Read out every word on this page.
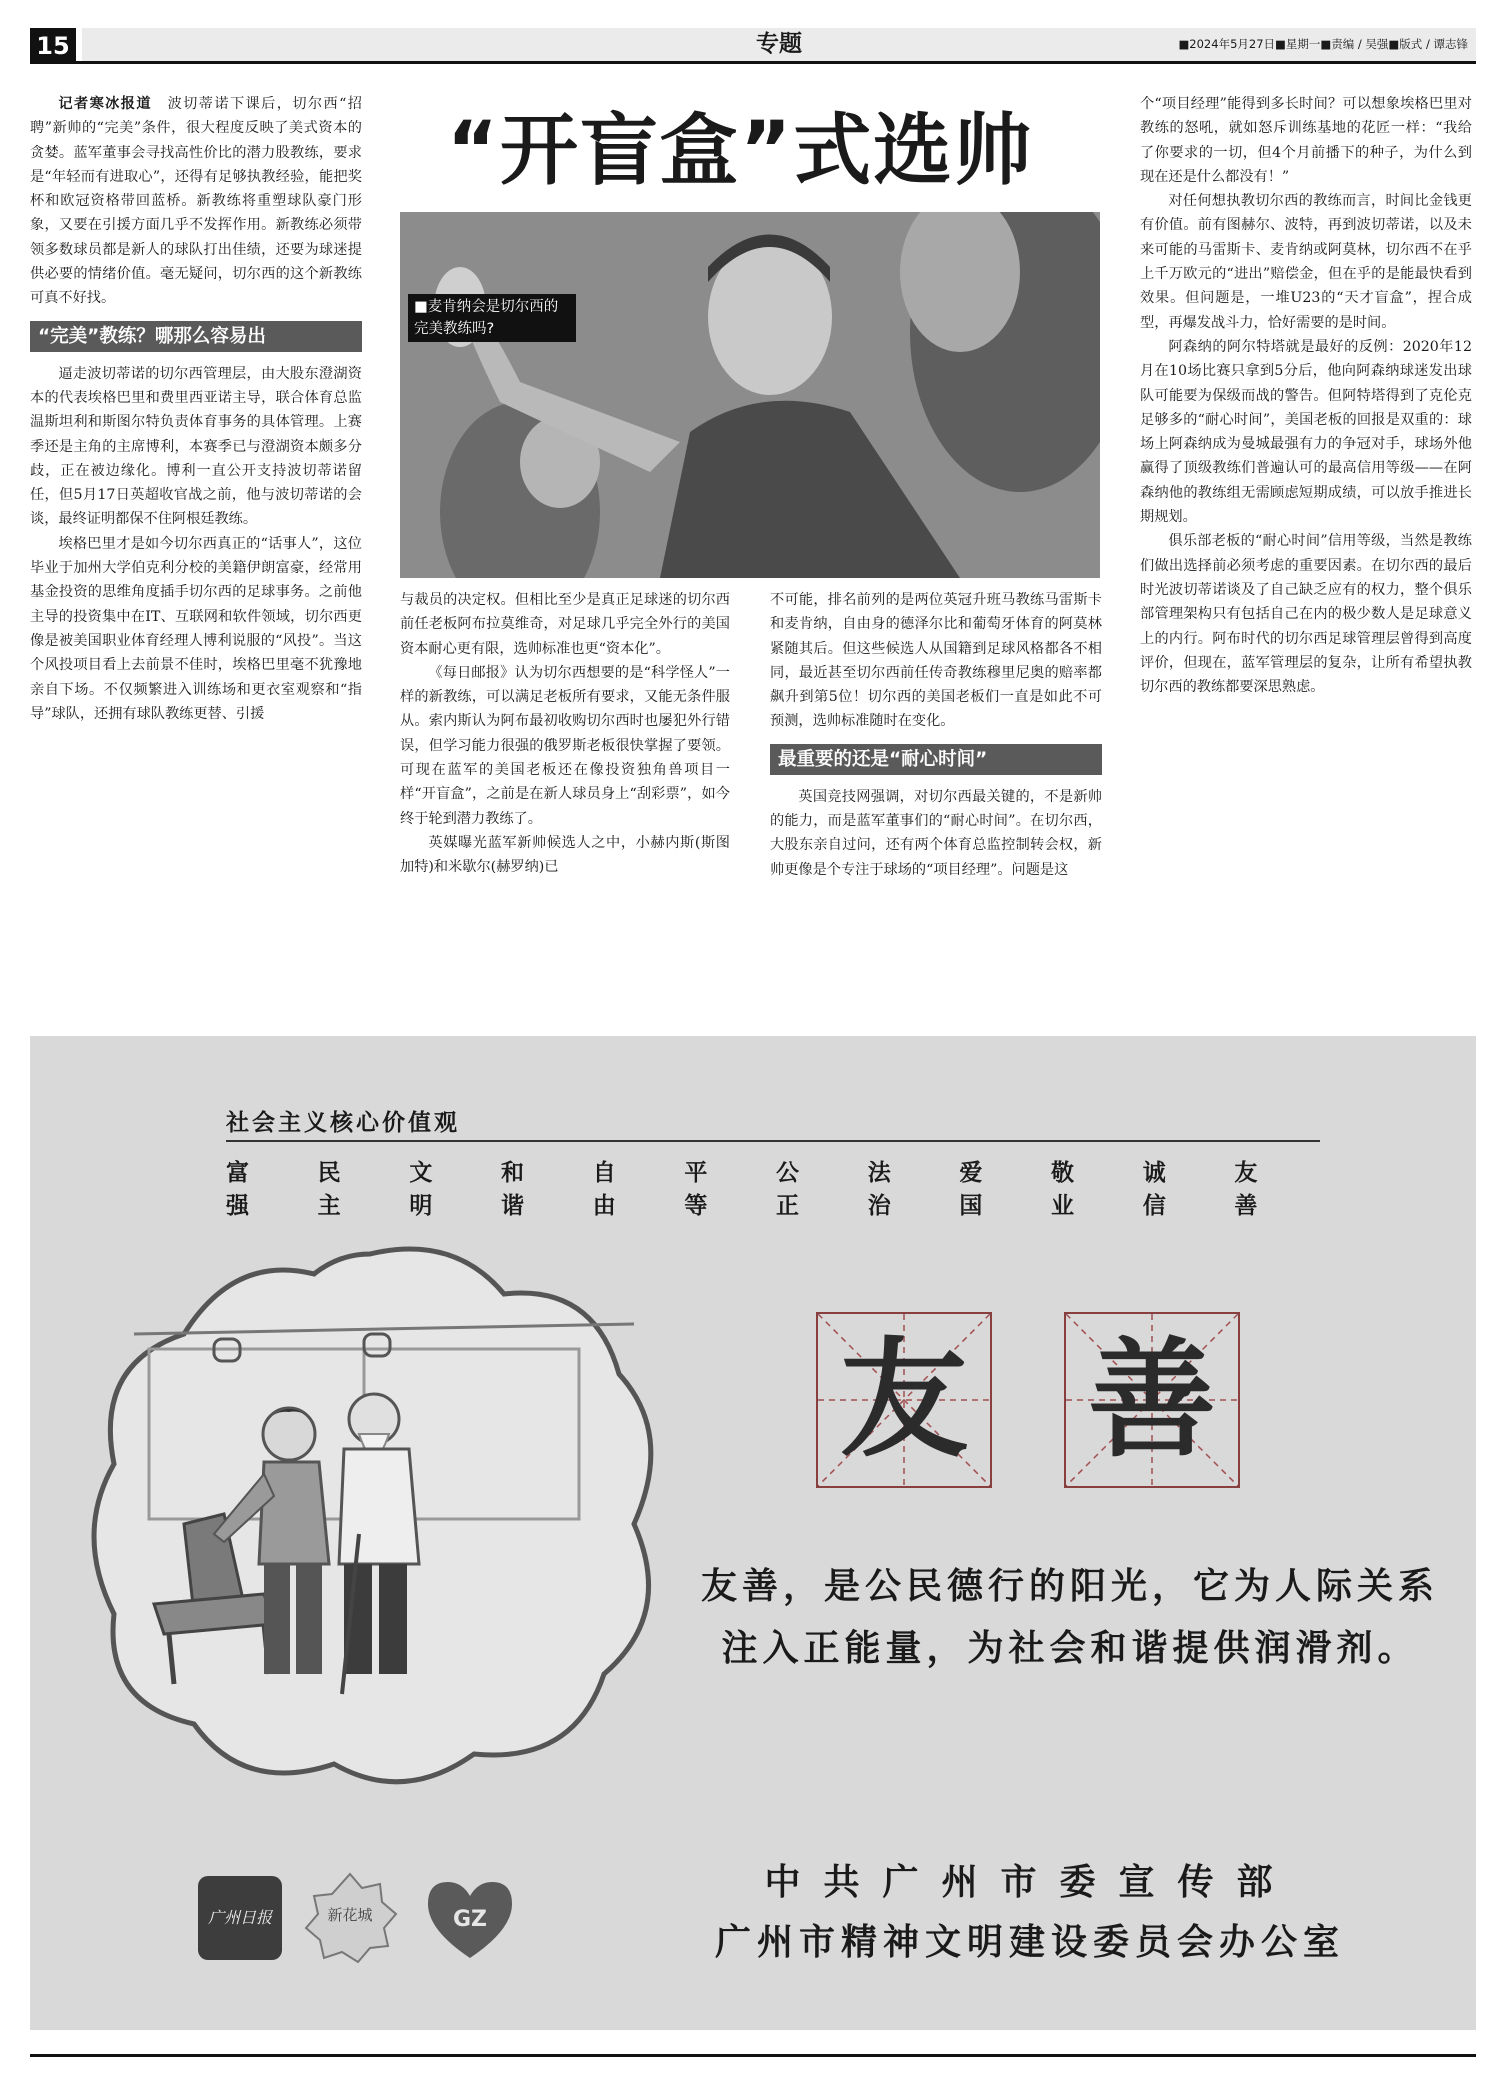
15	专题	■2024年5月27日■星期一■责编 / 吴强■版式 / 谭志锋
“开盲盒”式选帅
■麦肯纳会是切尔西的完美教练吗?

记者寒冰报道　 波切蒂诺下课后，切尔西“招聘”新帅的“完美”条件，很大程度反映了美式资本的贪婪。蓝军董事会寻找高性价比的潜力股教练，要求是“年轻而有进取心”，还得有足够执教经验，能把奖杯和欧冠资格带回蓝桥。新教练将重塑球队豪门形象，又要在引援方面几乎不发挥作用。新教练必须带领多数球员都是新人的球队打出佳绩，还要为球迷提供必要的情绪价值。毫无疑问，切尔西的这个新教练可真不好找。

“完美”教练？哪那么容易出

逼走波切蒂诺的切尔西管理层，由大股东澄湖资本的代表埃格巴里和费里西亚诺主导，联合体育总监温斯坦利和斯图尔特负责体育事务的具体管理。上赛季还是主角的主席博利，本赛季已与澄湖资本颇多分歧，正在被边缘化。博利一直公开支持波切蒂诺留任，但5月17日英超收官战之前，他与波切蒂诺的会谈，最终证明都保不住阿根廷教练。

埃格巴里才是如今切尔西真正的“话事人”，这位毕业于加州大学伯克利分校的美籍伊朗富豪，经常用基金投资的思维角度插手切尔西的足球事务。之前他主导的投资集中在IT、互联网和软件领域，切尔西更像是被美国职业体育经理人博利说服的“风投”。当这个风投项目看上去前景不佳时，埃格巴里毫不犹豫地亲自下场。不仅频繁进入训练场和更衣室观察和“指导”球队，还拥有球队教练更替、引援

与裁员的决定权。但相比至少是真正足球迷的切尔西前任老板阿布拉莫维奇，对足球几乎完全外行的美国资本耐心更有限，选帅标准也更“资本化”。

《每日邮报》认为切尔西想要的是“科学怪人”一样的新教练，可以满足老板所有要求，又能无条件服从。索内斯认为阿布最初收购切尔西时也屡犯外行错误，但学习能力很强的俄罗斯老板很快掌握了要领。可现在蓝军的美国老板还在像投资独角兽项目一样“开盲盒”，之前是在新人球员身上“刮彩票”，如今终于轮到潜力教练了。

英媒曝光蓝军新帅候选人之中，小赫内斯(斯图加特)和米歇尔(赫罗纳)已

不可能，排名前列的是两位英冠升班马教练马雷斯卡和麦肯纳，自由身的德泽尔比和葡萄牙体育的阿莫林紧随其后。但这些候选人从国籍到足球风格都各不相同，最近甚至切尔西前任传奇教练穆里尼奥的赔率都飙升到第5位！切尔西的美国老板们一直是如此不可预测，选帅标准随时在变化。

最重要的还是“耐心时间”

英国竞技网强调，对切尔西最关键的，不是新帅的能力，而是蓝军董事们的“耐心时间”。在切尔西，大股东亲自过问，还有两个体育总监控制转会权，新帅更像是个专注于球场的“项目经理”。问题是这

个“项目经理”能得到多长时间？可以想象埃格巴里对教练的怒吼，就如怒斥训练基地的花匠一样：“我给了你要求的一切，但4个月前播下的种子，为什么到现在还是什么都没有！”

对任何想执教切尔西的教练而言，时间比金钱更有价值。前有图赫尔、波特，再到波切蒂诺，以及未来可能的马雷斯卡、麦肯纳或阿莫林，切尔西不在乎上千万欧元的“进出”赔偿金，但在乎的是能最快看到效果。但问题是，一堆U23的“天才盲盒”，捏合成型，再爆发战斗力，恰好需要的是时间。

阿森纳的阿尔特塔就是最好的反例：2020年12月在10场比赛只拿到5分后，他向阿森纳球迷发出球队可能要为保级而战的警告。但阿特塔得到了克伦克足够多的“耐心时间”，美国老板的回报是双重的：球场上阿森纳成为曼城最强有力的争冠对手，球场外他赢得了顶级教练们普遍认可的最高信用等级——在阿森纳他的教练组无需顾虑短期成绩，可以放手推进长期规划。

俱乐部老板的“耐心时间”信用等级，当然是教练们做出选择前必须考虑的重要因素。在切尔西的最后时光波切蒂诺谈及了自己缺乏应有的权力，整个俱乐部管理架构只有包括自己在内的极少数人是足球意义上的内行。阿布时代的切尔西足球管理层曾得到高度评价，但现在，蓝军管理层的复杂，让所有希望执教切尔西的教练都要深思熟虑。

社会主义核心价值观
富强
民主
文明
和谐
自由
平等
公正
法治
爱国
敬业
诚信
友善
友 善
友善，是公民德行的阳光，它为人际关系
注入正能量，为社会和谐提供润滑剂。
广州日报	新花城	GZ
中共广州市委宣传部
广州市精神文明建设委员会办公室
